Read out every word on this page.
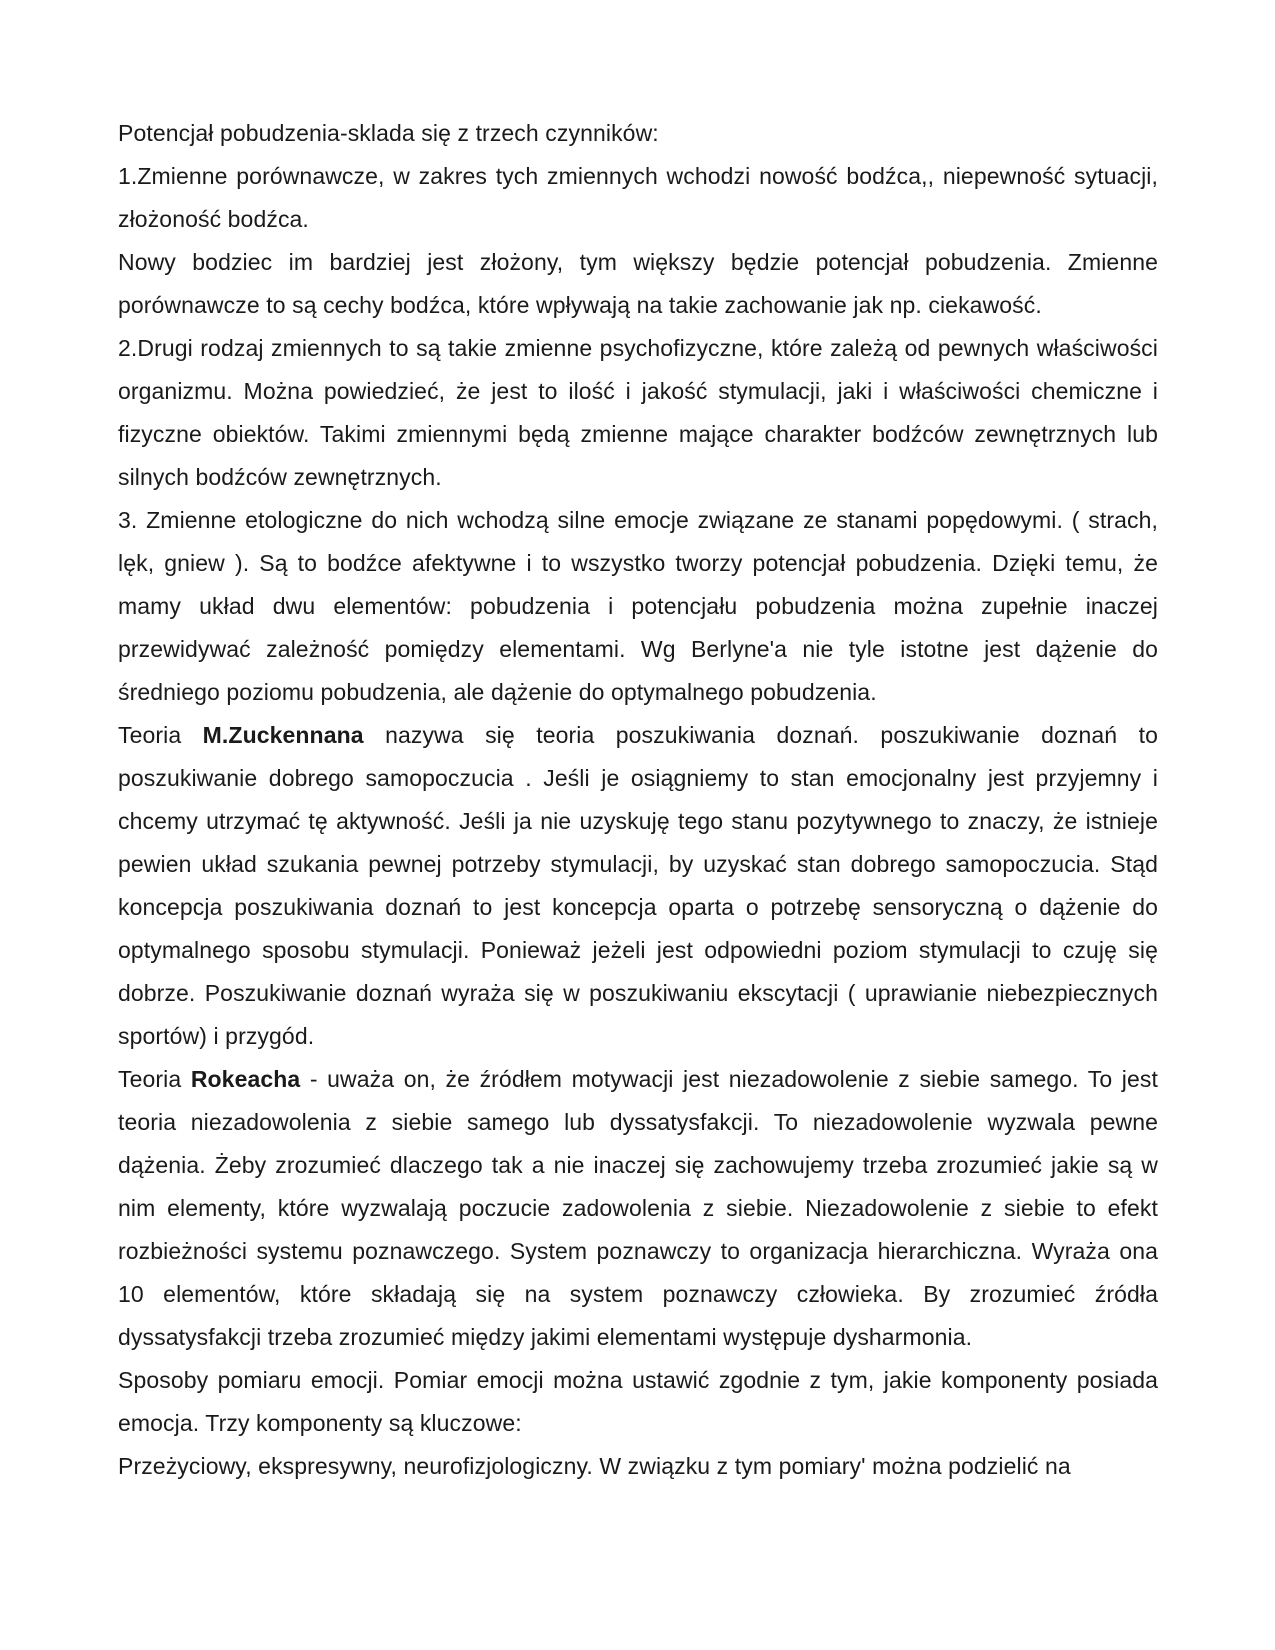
Potencjał pobudzenia-sklada się z trzech czynników:

1.Zmienne porównawcze, w zakres tych zmiennych wchodzi nowość bodźca,, niepewność sytuacji, złożoność bodźca.

Nowy bodziec im bardziej jest złożony, tym większy będzie potencjał pobudzenia. Zmienne porównawcze to są cechy bodźca, które wpływają na takie zachowanie jak np. ciekawość.

2.Drugi rodzaj zmiennych to są takie zmienne psychofizyczne, które zależą od pewnych właściwości organizmu. Można powiedzieć, że jest to ilość i jakość stymulacji, jaki i właściwości chemiczne i fizyczne obiektów. Takimi zmiennymi będą zmienne mające charakter bodźców zewnętrznych lub silnych bodźców zewnętrznych.

3. Zmienne etologiczne do nich wchodzą silne emocje związane ze stanami popędowymi. ( strach, lęk, gniew ). Są to bodźce afektywne i to wszystko tworzy potencjał pobudzenia. Dzięki temu, że mamy układ dwu elementów: pobudzenia i potencjału pobudzenia można zupełnie inaczej przewidywać zależność pomiędzy elementami. Wg Berlyne'a nie tyle istotne jest dążenie do średniego poziomu pobudzenia, ale dążenie do optymalnego pobudzenia.

Teoria M.Zuckennana nazywa się teoria poszukiwania doznań. poszukiwanie doznań to poszukiwanie dobrego samopoczucia . Jeśli je osiągniemy to stan emocjonalny jest przyjemny i chcemy utrzymać tę aktywność. Jeśli ja nie uzyskuję tego stanu pozytywnego to znaczy, że istnieje pewien układ szukania pewnej potrzeby stymulacji, by uzyskać stan dobrego samopoczucia. Stąd koncepcja poszukiwania doznań to jest koncepcja oparta o potrzebę sensoryczną o dążenie do optymalnego sposobu stymulacji. Ponieważ jeżeli jest odpowiedni poziom stymulacji to czuję się dobrze. Poszukiwanie doznań wyraża się w poszukiwaniu ekscytacji ( uprawianie niebezpiecznych sportów) i przygód.

Teoria Rokeacha - uważa on, że źródłem motywacji jest niezadowolenie z siebie samego. To jest teoria niezadowolenia z siebie samego lub dyssatysfakcji. To niezadowolenie wyzwala pewne dążenia. Żeby zrozumieć dlaczego tak a nie inaczej się zachowujemy trzeba zrozumieć jakie są w nim elementy, które wyzwalają poczucie zadowolenia z siebie. Niezadowolenie z siebie to efekt rozbieżności systemu poznawczego. System poznawczy to organizacja hierarchiczna. Wyraża ona 10 elementów, które składają się na system poznawczy człowieka. By zrozumieć źródła dyssatysfakcji trzeba zrozumieć między jakimi elementami występuje dysharmonia.

Sposoby pomiaru emocji. Pomiar emocji można ustawić zgodnie z tym, jakie komponenty posiada emocja. Trzy komponenty są kluczowe:

Przeżyciowy, ekspresywny, neurofizjologiczny. W związku z tym pomiary' można podzielić na
